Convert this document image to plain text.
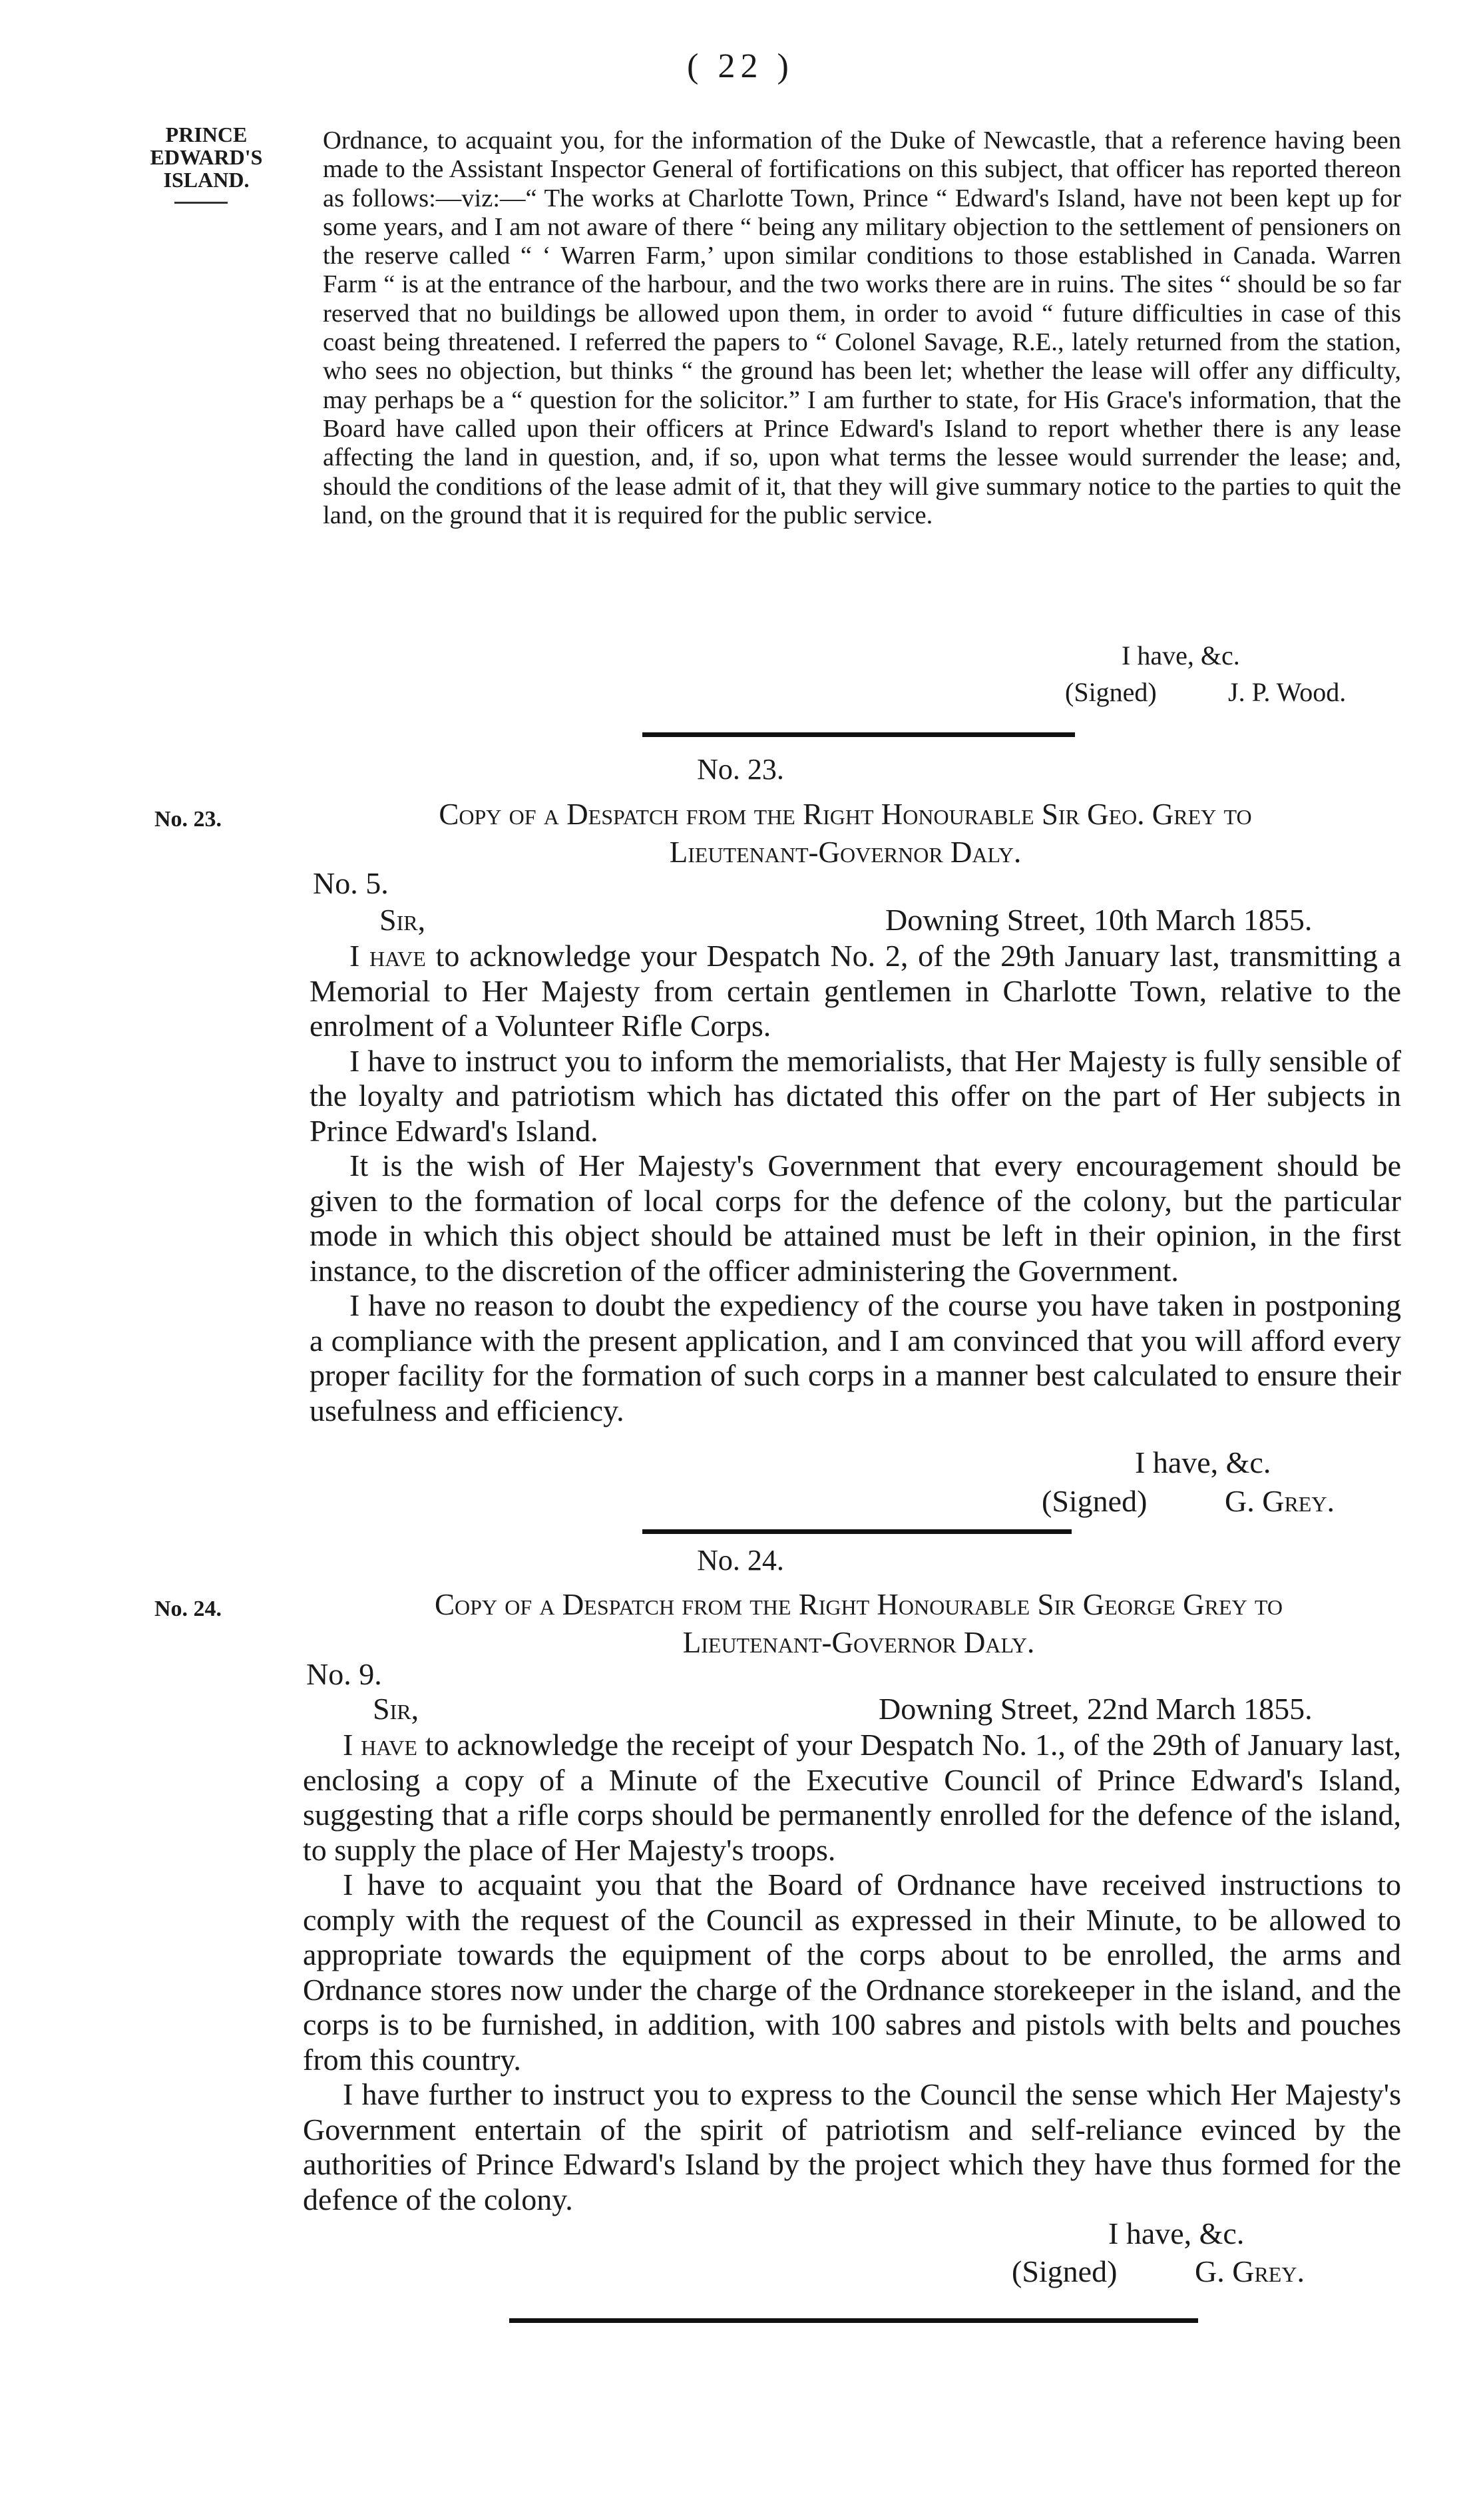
( 22 )
PRINCE EDWARD'S ISLAND.
Ordnance, to acquaint you, for the information of the Duke of Newcastle, that a reference having been made to the Assistant Inspector General of fortifications on this subject, that officer has reported thereon as follows:—viz:—“ The works at Charlotte Town, Prince “ Edward's Island, have not been kept up for some years, and I am not aware of there “ being any military objection to the settlement of pensioners on the reserve called “ ‘ Warren Farm,’ upon similar conditions to those established in Canada. Warren Farm “ is at the entrance of the harbour, and the two works there are in ruins. The sites “ should be so far reserved that no buildings be allowed upon them, in order to avoid “ future difficulties in case of this coast being threatened. I referred the papers to “ Colonel Savage, R.E., lately returned from the station, who sees no objection, but thinks “ the ground has been let; whether the lease will offer any difficulty, may perhaps be a “ question for the solicitor.” I am further to state, for His Grace's information, that the Board have called upon their officers at Prince Edward's Island to report whether there is any lease affecting the land in question, and, if so, upon what terms the lessee would surrender the lease; and, should the conditions of the lease admit of it, that they will give summary notice to the parties to quit the land, on the ground that it is required for the public service.
I have, &c.
(Signed)	J. P. Wood.
No. 23.
No. 23.	Copy of a Despatch from the Right Honourable Sir Geo. Grey to
Lieutenant-Governor Daly.
No. 5.
Sir,	Downing Street, 10th March 1855.

I have to acknowledge your Despatch No. 2, of the 29th January last, transmitting a Memorial to Her Majesty from certain gentlemen in Charlotte Town, relative to the enrolment of a Volunteer Rifle Corps.

I have to instruct you to inform the memorialists, that Her Majesty is fully sensible of the loyalty and patriotism which has dictated this offer on the part of Her subjects in Prince Edward's Island.

It is the wish of Her Majesty's Government that every encouragement should be given to the formation of local corps for the defence of the colony, but the particular mode in which this object should be attained must be left in their opinion, in the first instance, to the discretion of the officer administering the Government.

I have no reason to doubt the expediency of the course you have taken in postponing a compliance with the present application, and I am convinced that you will afford every proper facility for the formation of such corps in a manner best calculated to ensure their usefulness and efficiency.

I have, &c.
(Signed)	G. Grey.
No. 24.
No. 24.	Copy of a Despatch from the Right Honourable Sir George Grey to
Lieutenant-Governor Daly.
No. 9.
Sir,	Downing Street, 22nd March 1855.

I have to acknowledge the receipt of your Despatch No. 1., of the 29th of January last, enclosing a copy of a Minute of the Executive Council of Prince Edward's Island, suggesting that a rifle corps should be permanently enrolled for the defence of the island, to supply the place of Her Majesty's troops.

I have to acquaint you that the Board of Ordnance have received instructions to comply with the request of the Council as expressed in their Minute, to be allowed to appropriate towards the equipment of the corps about to be enrolled, the arms and Ordnance stores now under the charge of the Ordnance storekeeper in the island, and the corps is to be furnished, in addition, with 100 sabres and pistols with belts and pouches from this country.

I have further to instruct you to express to the Council the sense which Her Majesty's Government entertain of the spirit of patriotism and self-reliance evinced by the authorities of Prince Edward's Island by the project which they have thus formed for the defence of the colony.

I have, &c.
(Signed)	G. Grey.
